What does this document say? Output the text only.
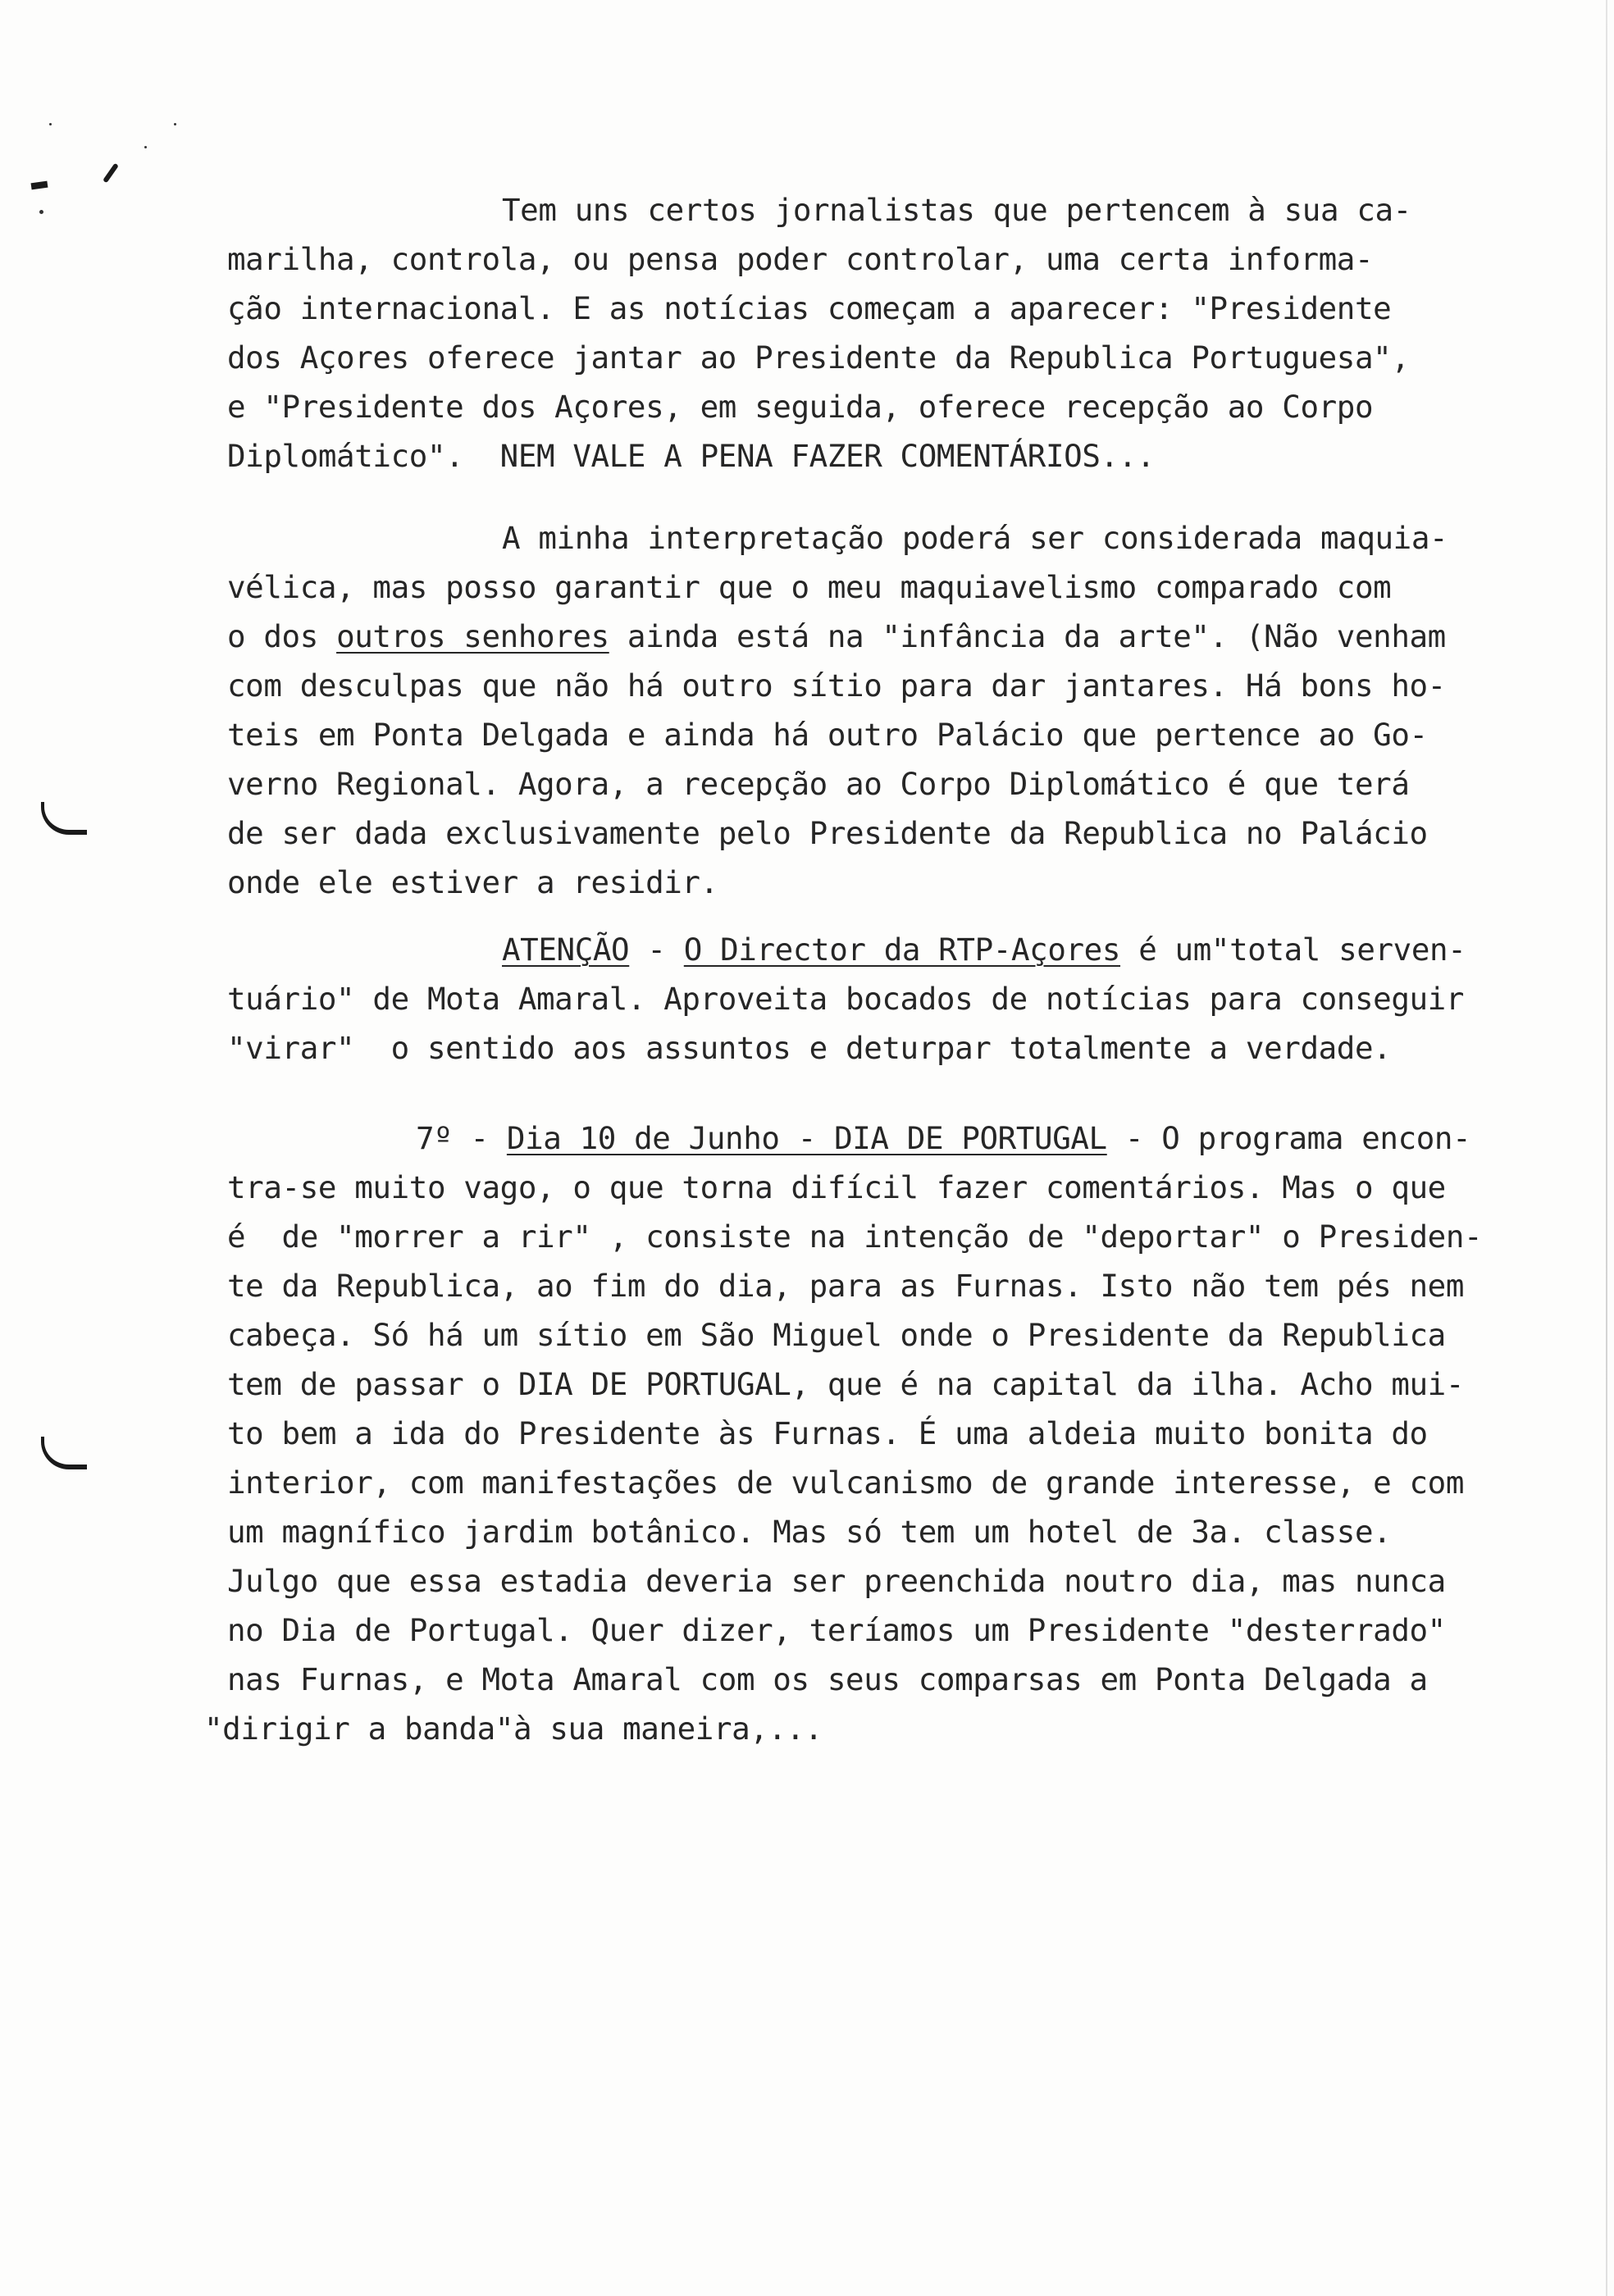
Tem uns certos jornalistas que pertencem à sua ca-
marilha, controla, ou pensa poder controlar, uma certa informa-
ção internacional. E as notícias começam a aparecer: "Presidente
dos Açores oferece jantar ao Presidente da Republica Portuguesa",
e "Presidente dos Açores, em seguida, oferece recepção ao Corpo
Diplomático".  NEM VALE A PENA FAZER COMENTÁRIOS...
A minha interpretação poderá ser considerada maquia-
vélica, mas posso garantir que o meu maquiavelismo comparado com
o dos outros senhores ainda está na "infância da arte". (Não venham
com desculpas que não há outro sítio para dar jantares. Há bons ho-
teis em Ponta Delgada e ainda há outro Palácio que pertence ao Go-
verno Regional. Agora, a recepção ao Corpo Diplomático é que terá
de ser dada exclusivamente pelo Presidente da Republica no Palácio
onde ele estiver a residir.
ATENÇÃO - O Director da RTP-Açores é um"total serven-
tuário" de Mota Amaral. Aproveita bocados de notícias para conseguir
"virar"  o sentido aos assuntos e deturpar totalmente a verdade.
7º - Dia 10 de Junho - DIA DE PORTUGAL - O programa encon-
tra-se muito vago, o que torna difícil fazer comentários. Mas o que
é  de "morrer a rir" , consiste na intenção de "deportar" o Presiden-
te da Republica, ao fim do dia, para as Furnas. Isto não tem pés nem
cabeça. Só há um sítio em São Miguel onde o Presidente da Republica
tem de passar o DIA DE PORTUGAL, que é na capital da ilha. Acho mui-
to bem a ida do Presidente às Furnas. É uma aldeia muito bonita do
interior, com manifestações de vulcanismo de grande interesse, e com
um magnífico jardim botânico. Mas só tem um hotel de 3a. classe.
Julgo que essa estadia deveria ser preenchida noutro dia, mas nunca
no Dia de Portugal. Quer dizer, teríamos um Presidente "desterrado"
nas Furnas, e Mota Amaral com os seus comparsas em Ponta Delgada a
"dirigir a banda"à sua maneira,...
